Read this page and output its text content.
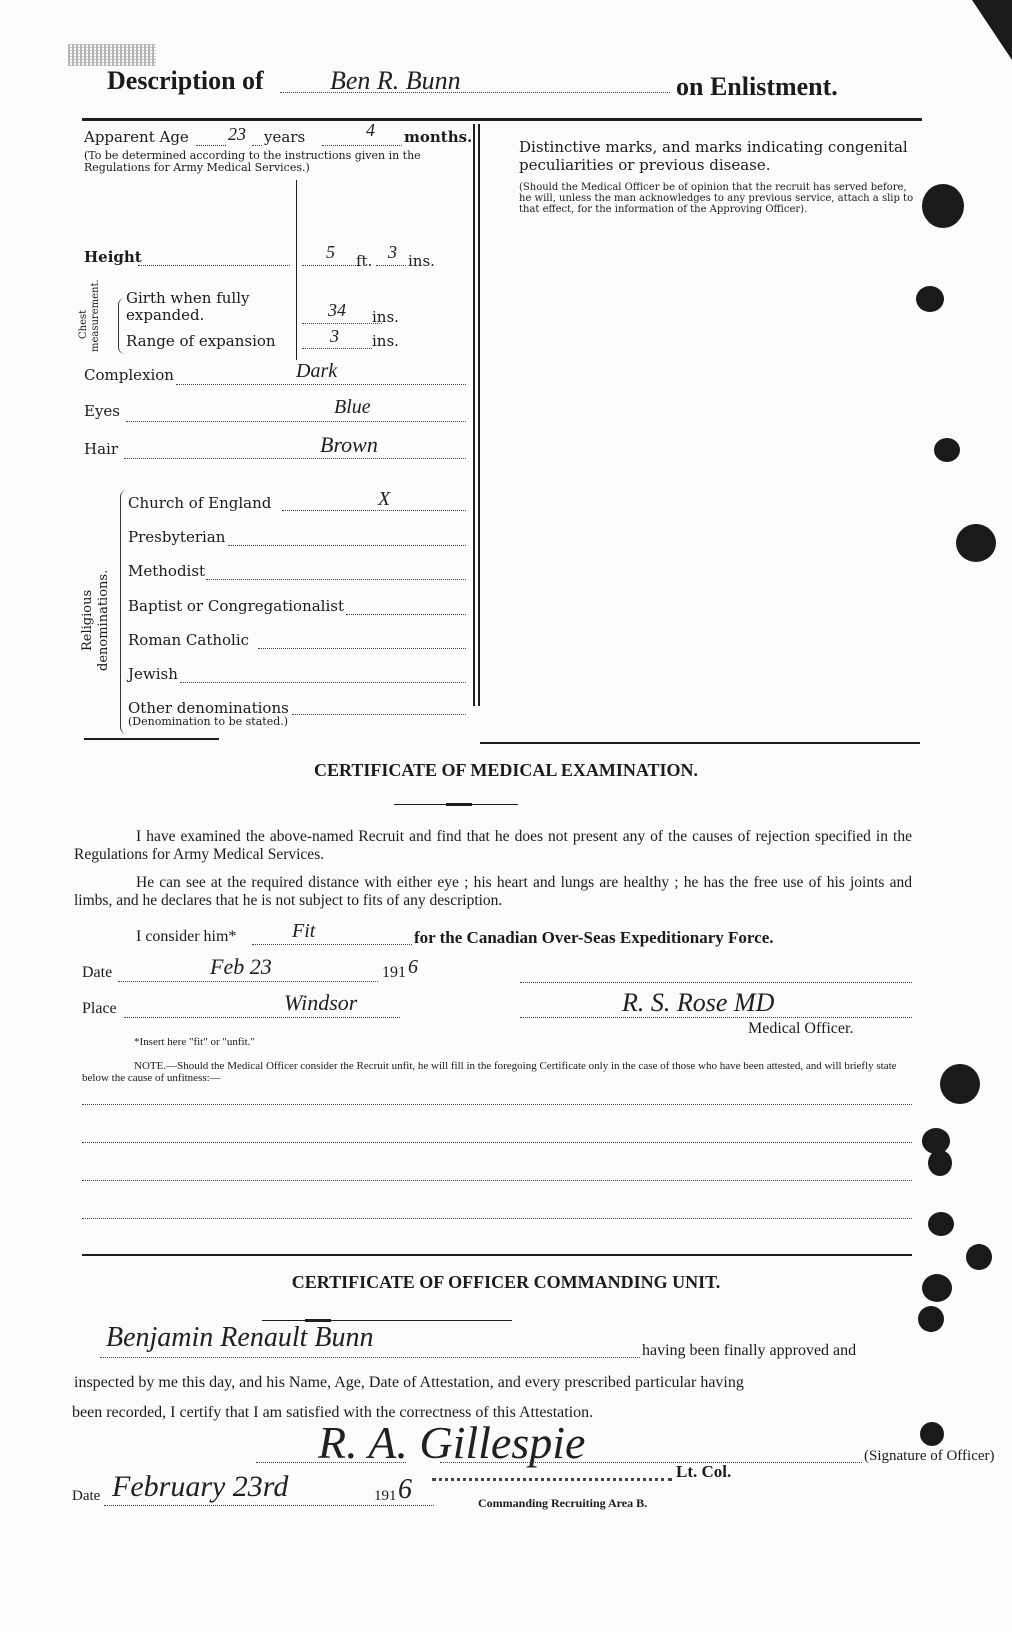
Description of	Ben R. Bunn	on Enlistment.
Apparent Age 23 years	4 months.
(To be determined according to the instructions given in the Regulations for Army Medical Services.)
Height	5 ft. 3 ins.
Chest measurement.	Girth when fully expanded.	34 ins.
Range of expansion	3 ins.
Complexion	Dark
Eyes	Blue
Hair	Brown
Religious denominations.
Church of England	X
Presbyterian
Methodist
Baptist or Congregationalist
Roman Catholic
Jewish
Other denominations
(Denomination to be stated.)
Distinctive marks, and marks indicating congenital peculiarities or previous disease.
(Should the Medical Officer be of opinion that the recruit has served before, he will, unless the man acknowledges to any previous service, attach a slip to that effect, for the information of the Approving Officer).
CERTIFICATE OF MEDICAL EXAMINATION.
I have examined the above-named Recruit and find that he does not present any of the causes of rejection specified in the Regulations for Army Medical Services.
He can see at the required distance with either eye ; his heart and lungs are healthy ; he has the free use of his joints and limbs, and he declares that he is not subject to fits of any description.
I consider him*	Fit	for the Canadian Over-Seas Expeditionary Force.
Date	Feb 23	191 6
Place	Windsor	R. S. Rose MD
Medical Officer.
*Insert here "fit" or "unfit."
NOTE.—Should the Medical Officer consider the Recruit unfit, he will fill in the foregoing Certificate only in the case of those who have been attested, and will briefly state below the cause of unfitness:—
CERTIFICATE OF OFFICER COMMANDING UNIT.
Benjamin Renault Bunn	having been finally approved and
inspected by me this day, and his Name, Age, Date of Attestation, and every prescribed particular having
been recorded, I certify that I am satisfied with the correctness of this Attestation.
R. A. Gillespie	(Signature of Officer)
Date February 23rd	191 6
Lt. Col.
Commanding Recruiting Area B.
